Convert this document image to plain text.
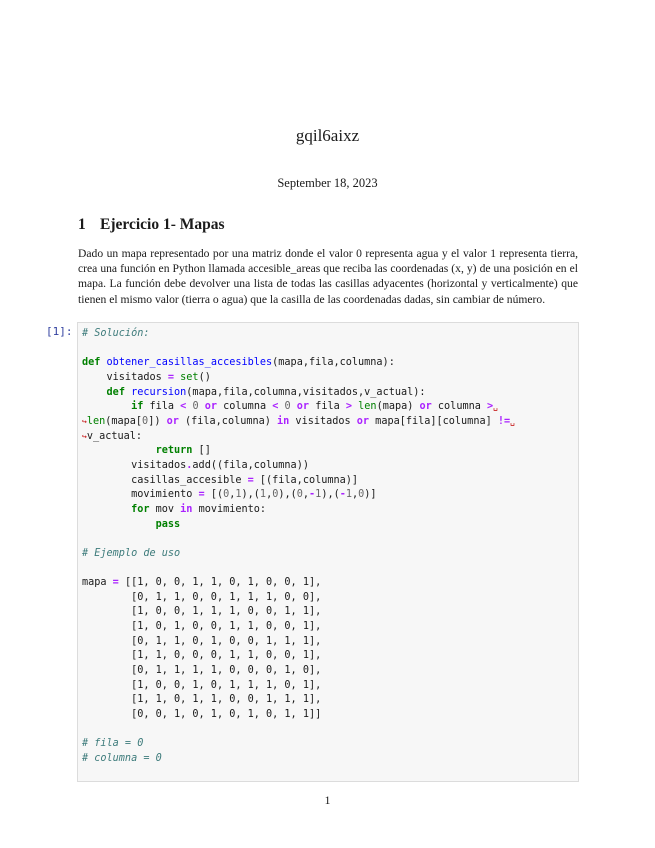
gqil6aixz
September 18, 2023
1 Ejercicio 1- Mapas
Dado un mapa representado por una matriz donde el valor 0 representa agua y el valor 1 representa tierra, crea una función en Python llamada accesible_areas que reciba las coordenadas (x, y) de una posición en el mapa. La función debe devolver una lista de todas las casillas adyacentes (horizontal y verticalmente) que tienen el mismo valor (tierra o agua) que la casilla de las coordenadas dadas, sin cambiar de número.
[1]: # Solución:

def obtener_casillas_accesibles(mapa,fila,columna):
visitados = set()
def recursion(mapa,fila,columna,visitados,v_actual):
if fila < 0 or columna < 0 or fila > len(mapa) or columna >␣
↪len(mapa[0]) or (fila,columna) in visitados or mapa[fila][columna] !=␣
↪v_actual:
return []
visitados.add((fila,columna))
casillas_accesible = [(fila,columna)]
movimiento = [(0,1),(1,0),(0,-1),(-1,0)]
for mov in movimiento:
pass

# Ejemplo de uso

mapa = [[1, 0, 0, 1, 1, 0, 1, 0, 0, 1],
[0, 1, 1, 0, 0, 1, 1, 1, 0, 0],
[1, 0, 0, 1, 1, 1, 0, 0, 1, 1],
[1, 0, 1, 0, 0, 1, 1, 0, 0, 1],
[0, 1, 1, 0, 1, 0, 0, 1, 1, 1],
[1, 1, 0, 0, 0, 1, 1, 0, 0, 1],
[0, 1, 1, 1, 1, 0, 0, 0, 1, 0],
[1, 0, 0, 1, 0, 1, 1, 1, 0, 1],
[1, 1, 0, 1, 1, 0, 0, 1, 1, 1],
[0, 0, 1, 0, 1, 0, 1, 0, 1, 1]]

# fila = 0
# columna = 0
1
